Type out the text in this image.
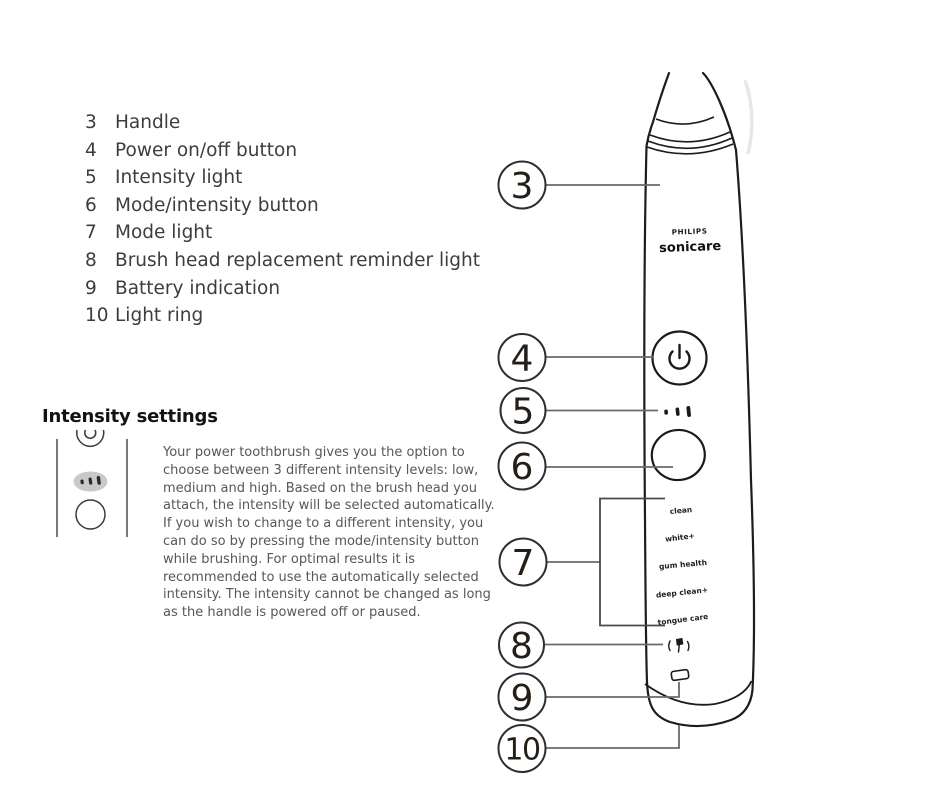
3 Handle
4 Power on/off button
5 Intensity light
6 Mode/intensity button
7 Mode light
8 Brush head replacement reminder light
9 Battery indication
10 Light ring
Intensity settings
Your power toothbrush gives you the option to choose between 3 different intensity levels: low, medium and high. Based on the brush head you attach, the intensity will be selected automatically. If you wish to change to a different intensity, you can do so by pressing the mode/intensity button while brushing. For optimal results it is recommended to use the automatically selected intensity. The intensity cannot be changed as long as the handle is powered off or paused.
PHILIPS
sonicare
clean
white+
gum health
deep clean+
tongue care
3
4
5
6
7
8
9
10
